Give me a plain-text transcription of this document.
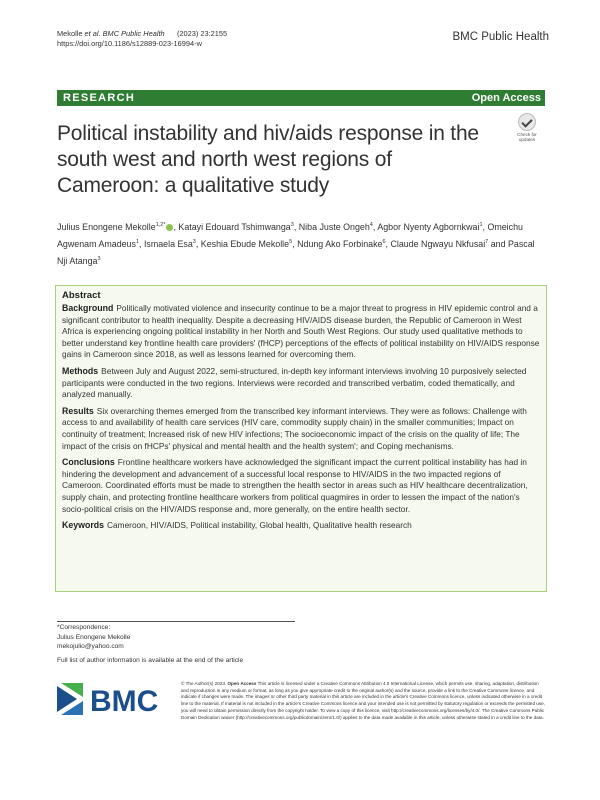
Mekolle et al. BMC Public Health (2023) 23:2155
https://doi.org/10.1186/s12889-023-16994-w
BMC Public Health
RESEARCH	Open Access
Check for
updates
Political instability and hiv/aids response in the south west and north west regions of Cameroon: a qualitative study
Julius Enongene Mekolle$^{1,2*}$ , Katayi Edouard Tshimwanga$^3$, Niba Juste Ongeh$^4$, Agbor Nyenty Agbornkwai$^1$, Omeichu Agwenam Amadeus$^1$, Ismaela Esa$^3$, Keshia Ebude Mekolle$^5$, Ndung Ako Forbinake$^6$, Claude Ngwayu Nkfusai$^7$ and Pascal Nji Atanga$^3$
Abstract

Background Politically motivated violence and insecurity continue to be a major threat to progress in HIV epidemic control and a significant contributor to health inequality. Despite a decreasing HIV/AIDS disease burden, the Republic of Cameroon in West Africa is experiencing ongoing political instability in her North and South West Regions. Our study used qualitative methods to better understand key frontline health care providers' (fHCP) perceptions of the effects of political instability on HIV/AIDS response gains in Cameroon since 2018, as well as lessons learned for overcoming them.

Methods Between July and August 2022, semi-structured, in-depth key informant interviews involving 10 purposively selected participants were conducted in the two regions. Interviews were recorded and transcribed verbatim, coded thematically, and analyzed manually.

Results Six overarching themes emerged from the transcribed key informant interviews. They were as follows: Challenge with access to and availability of health care services (HIV care, commodity supply chain) in the smaller communities; Impact on continuity of treatment; Increased risk of new HIV infections; The socioeconomic impact of the crisis on the quality of life; The impact of the crisis on fHCPs' physical and mental health and the health system'; and Coping mechanisms.

Conclusions Frontline healthcare workers have acknowledged the significant impact the current political instability has had in hindering the development and advancement of a successful local response to HIV/AIDS in the two impacted regions of Cameroon. Coordinated efforts must be made to strengthen the health sector in areas such as HIV healthcare decentralization, supply chain, and protecting frontline healthcare workers from political quagmires in order to lessen the impact of the nation's socio-political crisis on the HIV/AIDS response and, more generally, on the entire health sector.

Keywords Cameroon, HIV/AIDS, Political instability, Global health, Qualitative health research

*Correspondence:
Julius Enongene Mekolle
mekojulio@yahoo.com
Full list of author information is available at the end of the article
BMC
© The Author(s) 2023. Open Access This article is licensed under a Creative Commons Attribution 4.0 International License, which permits use, sharing, adaptation, distribution and reproduction in any medium or format, as long as you give appropriate credit to the original author(s) and the source, provide a link to the Creative Commons licence, and indicate if changes were made. The images or other third party material in this article are included in the article's Creative Commons licence, unless indicated otherwise in a credit line to the material. If material is not included in the article's Creative Commons licence and your intended use is not permitted by statutory regulation or exceeds the permitted use, you will need to obtain permission directly from the copyright holder. To view a copy of this licence, visit http://creativecommons.org/licenses/by/4.0/. The Creative Commons Public Domain Dedication waiver (http://creativecommons.org/publicdomain/zero/1.0/) applies to the data made available in this article, unless otherwise stated in a credit line to the data.
